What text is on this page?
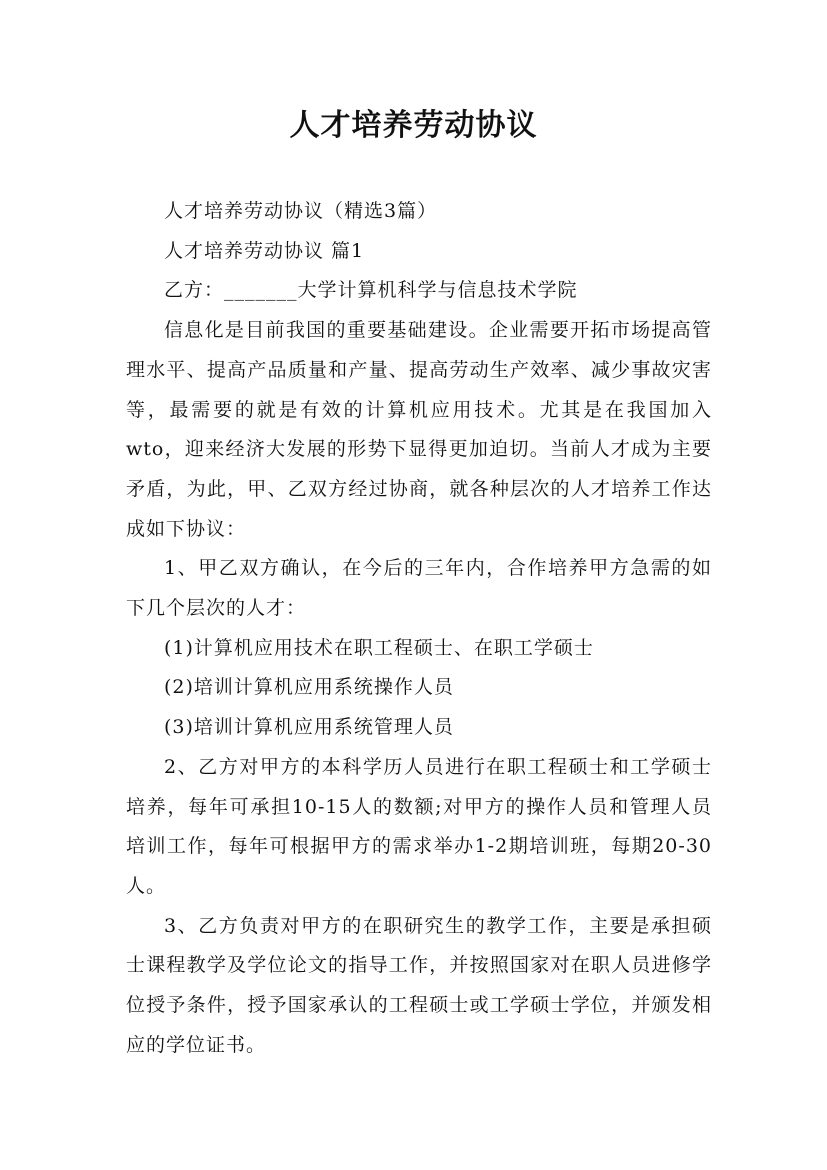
人才培养劳动协议

人才培养劳动协议（精选3篇）

人才培养劳动协议 篇1

乙方：_______大学计算机科学与信息技术学院

信息化是目前我国的重要基础建设。企业需要开拓市场提高管理水平、提高产品质量和产量、提高劳动生产效率、减少事故灾害等，最需要的就是有效的计算机应用技术。尤其是在我国加入wto，迎来经济大发展的形势下显得更加迫切。当前人才成为主要矛盾，为此，甲、乙双方经过协商，就各种层次的人才培养工作达成如下协议：

1、甲乙双方确认，在今后的三年内，合作培养甲方急需的如下几个层次的人才：

(1)计算机应用技术在职工程硕士、在职工学硕士

(2)培训计算机应用系统操作人员

(3)培训计算机应用系统管理人员

2、乙方对甲方的本科学历人员进行在职工程硕士和工学硕士培养，每年可承担10-15人的数额;对甲方的操作人员和管理人员培训工作，每年可根据甲方的需求举办1-2期培训班，每期20-30人。

3、乙方负责对甲方的在职研究生的教学工作，主要是承担硕士课程教学及学位论文的指导工作，并按照国家对在职人员进修学位授予条件，授予国家承认的工程硕士或工学硕士学位，并颁发相应的学位证书。
